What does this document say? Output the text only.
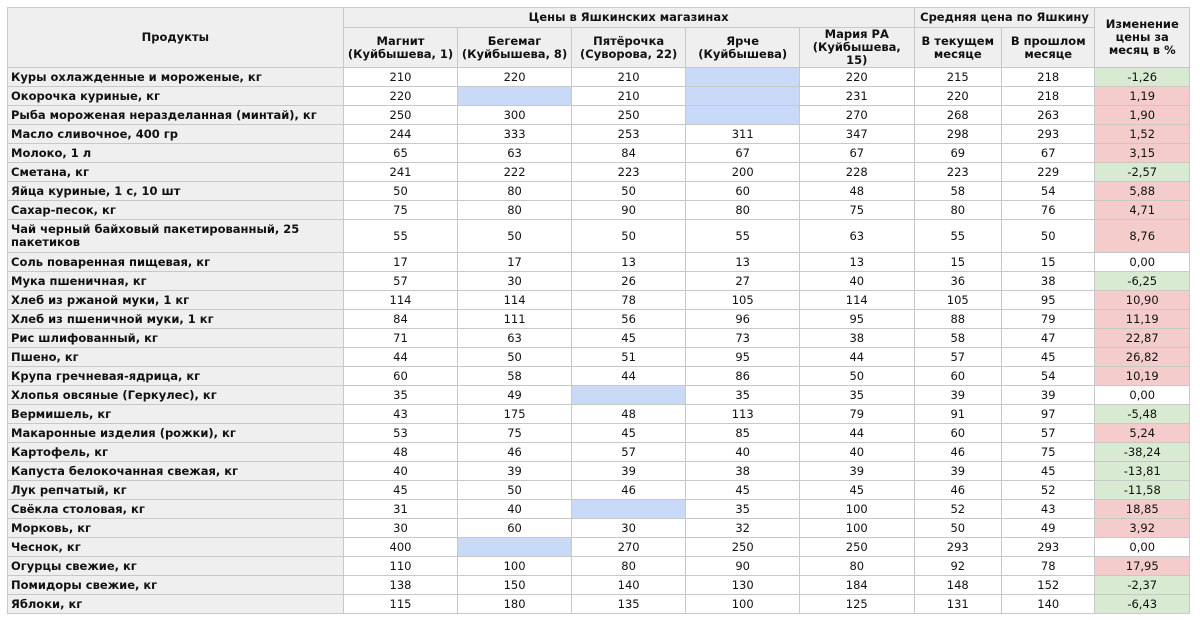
Продукты	Цены в Яшкинских магазинах					Средняя цена по Яшкину		Изменение цены за месяц в %
	Магнит (Куйбышева, 1)	Бегемаг (Куйбышева, 8)	Пятёрочка (Суворова, 22)	Ярче (Куйбышева)	Мария РА (Куйбышева, 15)	В текущем месяце	В прошлом месяце	
Куры охлажденные и мороженые, кг	210	220	210		220	215	218	-1,26
Окорочка куриные, кг	220		210		231	220	218	1,19
Рыба мороженая неразделанная (минтай), кг	250	300	250		270	268	263	1,90
Масло сливочное, 400 гр	244	333	253	311	347	298	293	1,52
Молоко, 1 л	65	63	84	67	67	69	67	3,15
Сметана, кг	241	222	223	200	228	223	229	-2,57
Яйца куриные, 1 с, 10 шт	50	80	50	60	48	58	54	5,88
Сахар-песок, кг	75	80	90	80	75	80	76	4,71
Чай черный байховый пакетированный, 25 пакетиков	55	50	50	55	63	55	50	8,76
Соль поваренная пищевая, кг	17	17	13	13	13	15	15	0,00
Мука пшеничная, кг	57	30	26	27	40	36	38	-6,25
Хлеб из ржаной муки, 1 кг	114	114	78	105	114	105	95	10,90
Хлеб из пшеничной муки, 1 кг	84	111	56	96	95	88	79	11,19
Рис шлифованный, кг	71	63	45	73	38	58	47	22,87
Пшено, кг	44	50	51	95	44	57	45	26,82
Крупа гречневая-ядрица, кг	60	58	44	86	50	60	54	10,19
Хлопья овсяные (Геркулес), кг	35	49		35	35	39	39	0,00
Вермишель, кг	43	175	48	113	79	91	97	-5,48
Макаронные изделия (рожки), кг	53	75	45	85	44	60	57	5,24
Картофель, кг	48	46	57	40	40	46	75	-38,24
Капуста белокочанная свежая, кг	40	39	39	38	39	39	45	-13,81
Лук репчатый, кг	45	50	46	45	45	46	52	-11,58
Свёкла столовая, кг	31	40		35	100	52	43	18,85
Морковь, кг	30	60	30	32	100	50	49	3,92
Чеснок, кг	400		270	250	250	293	293	0,00
Огурцы свежие, кг	110	100	80	90	80	92	78	17,95
Помидоры свежие, кг	138	150	140	130	184	148	152	-2,37
Яблоки, кг	115	180	135	100	125	131	140	-6,43
